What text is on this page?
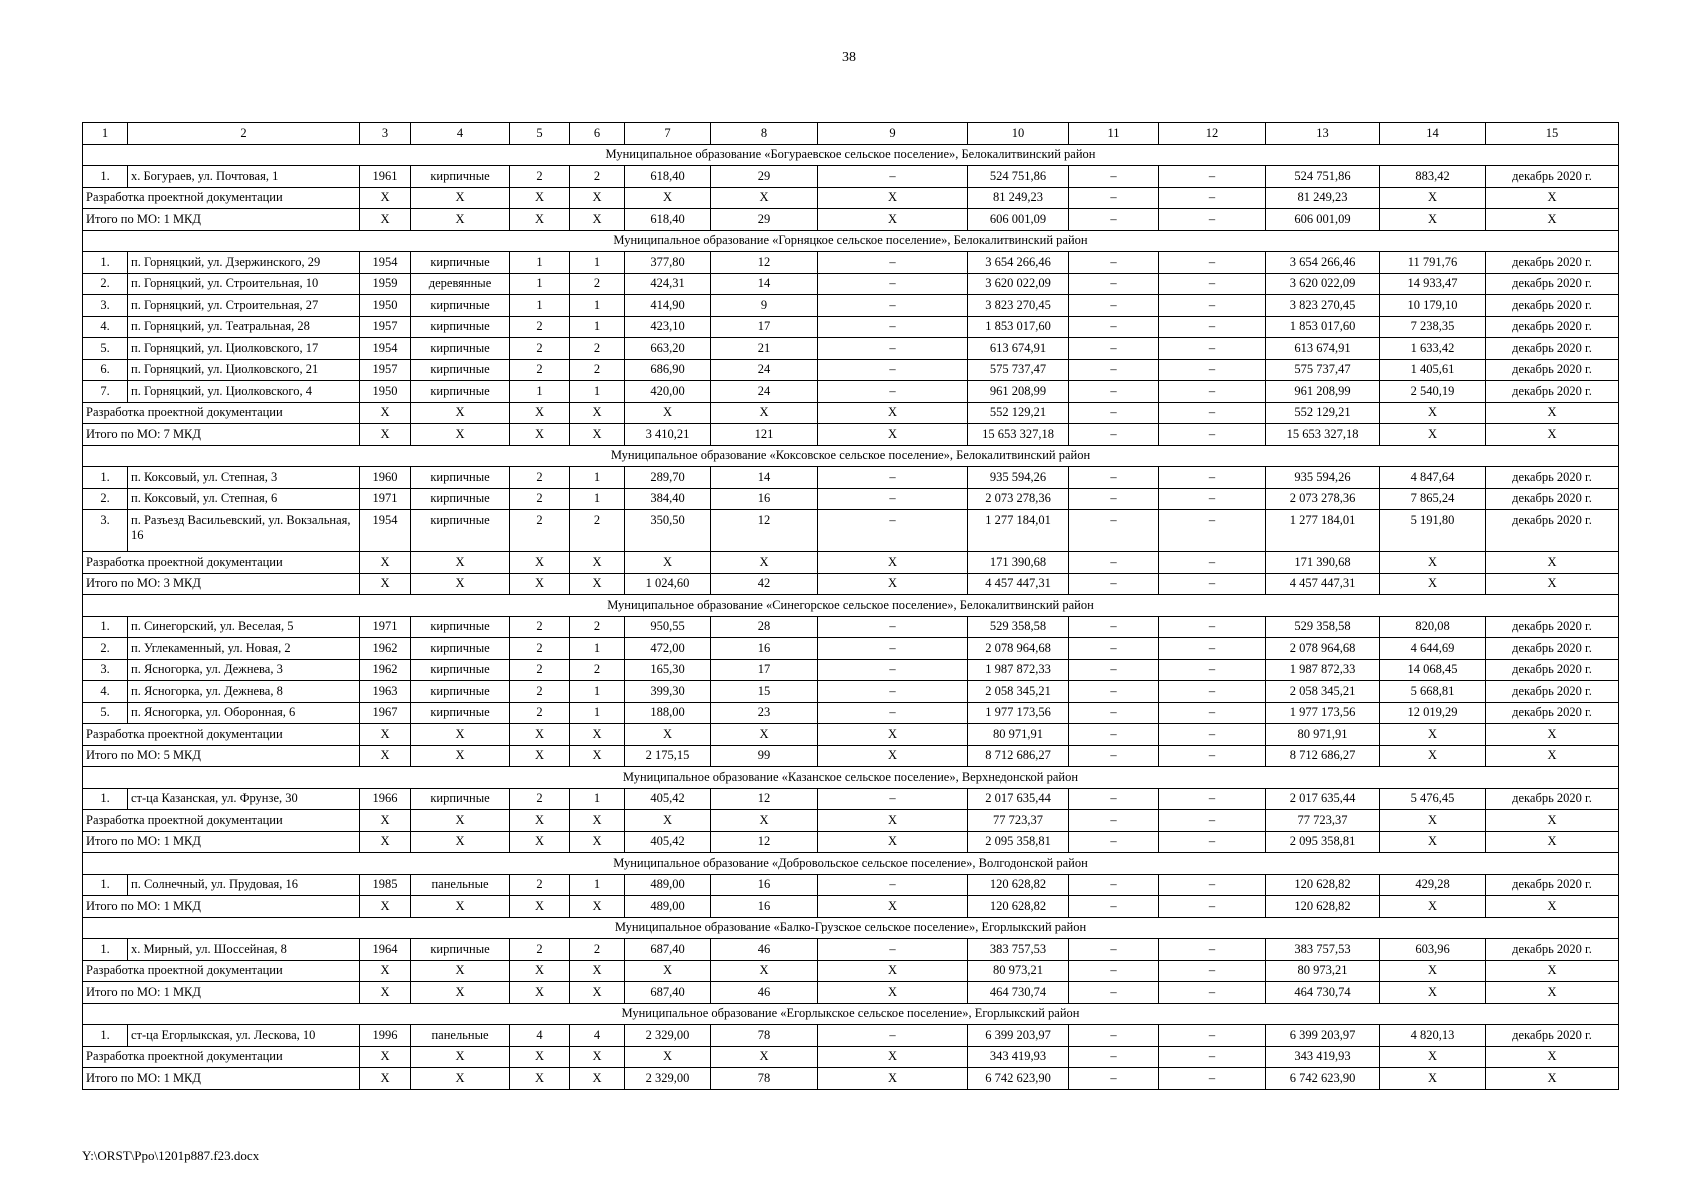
38
1	2	3	4	5	6	7	8	9	10	11	12	13	14	15
Муниципальное образование «Богураевское сельское поселение», Белокалитвинский район														
1.	х. Богураев, ул. Почтовая, 1	1961	кирпичные	2	2	618,40	29	–	524 751,86	–	–	524 751,86	883,42	декабрь 2020 г.
Разработка проектной документации		X	X	X	X	X	X	X	81 249,23	–	–	81 249,23	X	X
Итого по МО: 1 МКД		X	X	X	X	618,40	29	X	606 001,09	–	–	606 001,09	X	X
Муниципальное образование «Горняцкое сельское поселение», Белокалитвинский район														
1.	п. Горняцкий, ул. Дзержинского, 29	1954	кирпичные	1	1	377,80	12	–	3 654 266,46	–	–	3 654 266,46	11 791,76	декабрь 2020 г.
2.	п. Горняцкий, ул. Строительная, 10	1959	деревянные	1	2	424,31	14	–	3 620 022,09	–	–	3 620 022,09	14 933,47	декабрь 2020 г.
3.	п. Горняцкий, ул. Строительная, 27	1950	кирпичные	1	1	414,90	9	–	3 823 270,45	–	–	3 823 270,45	10 179,10	декабрь 2020 г.
4.	п. Горняцкий, ул. Театральная, 28	1957	кирпичные	2	1	423,10	17	–	1 853 017,60	–	–	1 853 017,60	7 238,35	декабрь 2020 г.
5.	п. Горняцкий, ул. Циолковского, 17	1954	кирпичные	2	2	663,20	21	–	613 674,91	–	–	613 674,91	1 633,42	декабрь 2020 г.
6.	п. Горняцкий, ул. Циолковского, 21	1957	кирпичные	2	2	686,90	24	–	575 737,47	–	–	575 737,47	1 405,61	декабрь 2020 г.
7.	п. Горняцкий, ул. Циолковского, 4	1950	кирпичные	1	1	420,00	24	–	961 208,99	–	–	961 208,99	2 540,19	декабрь 2020 г.
Разработка проектной документации		X	X	X	X	X	X	X	552 129,21	–	–	552 129,21	X	X
Итого по МО: 7 МКД		X	X	X	X	3 410,21	121	X	15 653 327,18	–	–	15 653 327,18	X	X
Муниципальное образование «Коксовское сельское поселение», Белокалитвинский район														
1.	п. Коксовый, ул. Степная, 3	1960	кирпичные	2	1	289,70	14	–	935 594,26	–	–	935 594,26	4 847,64	декабрь 2020 г.
2.	п. Коксовый, ул. Степная, 6	1971	кирпичные	2	1	384,40	16	–	2 073 278,36	–	–	2 073 278,36	7 865,24	декабрь 2020 г.
3.	п. Разъезд Васильевский, ул. Вокзальная, 16	1954	кирпичные	2	2	350,50	12	–	1 277 184,01	–	–	1 277 184,01	5 191,80	декабрь 2020 г.
Разработка проектной документации		X	X	X	X	X	X	X	171 390,68	–	–	171 390,68	X	X
Итого по МО: 3 МКД		X	X	X	X	1 024,60	42	X	4 457 447,31	–	–	4 457 447,31	X	X
Муниципальное образование «Синегорское сельское поселение», Белокалитвинский район														
1.	п. Синегорский, ул. Веселая, 5	1971	кирпичные	2	2	950,55	28	–	529 358,58	–	–	529 358,58	820,08	декабрь 2020 г.
2.	п. Углекаменный, ул. Новая, 2	1962	кирпичные	2	1	472,00	16	–	2 078 964,68	–	–	2 078 964,68	4 644,69	декабрь 2020 г.
3.	п. Ясногорка, ул. Дежнева, 3	1962	кирпичные	2	2	165,30	17	–	1 987 872,33	–	–	1 987 872,33	14 068,45	декабрь 2020 г.
4.	п. Ясногорка, ул. Дежнева, 8	1963	кирпичные	2	1	399,30	15	–	2 058 345,21	–	–	2 058 345,21	5 668,81	декабрь 2020 г.
5.	п. Ясногорка, ул. Оборонная, 6	1967	кирпичные	2	1	188,00	23	–	1 977 173,56	–	–	1 977 173,56	12 019,29	декабрь 2020 г.
Разработка проектной документации		X	X	X	X	X	X	X	80 971,91	–	–	80 971,91	X	X
Итого по МО: 5 МКД		X	X	X	X	2 175,15	99	X	8 712 686,27	–	–	8 712 686,27	X	X
Муниципальное образование «Казанское сельское поселение», Верхнедонской район														
1.	ст-ца Казанская, ул. Фрунзе, 30	1966	кирпичные	2	1	405,42	12	–	2 017 635,44	–	–	2 017 635,44	5 476,45	декабрь 2020 г.
Разработка проектной документации		X	X	X	X	X	X	X	77 723,37	–	–	77 723,37	X	X
Итого по МО: 1 МКД		X	X	X	X	405,42	12	X	2 095 358,81	–	–	2 095 358,81	X	X
Муниципальное образование «Добровольское сельское поселение», Волгодонской район														
1.	п. Солнечный, ул. Прудовая, 16	1985	панельные	2	1	489,00	16	–	120 628,82	–	–	120 628,82	429,28	декабрь 2020 г.
Итого по МО: 1 МКД		X	X	X	X	489,00	16	X	120 628,82	–	–	120 628,82	X	X
Муниципальное образование «Балко-Грузское сельское поселение», Егорлыкский район														
1.	х. Мирный, ул. Шоссейная, 8	1964	кирпичные	2	2	687,40	46	–	383 757,53	–	–	383 757,53	603,96	декабрь 2020 г.
Разработка проектной документации		X	X	X	X	X	X	X	80 973,21	–	–	80 973,21	X	X
Итого по МО: 1 МКД		X	X	X	X	687,40	46	X	464 730,74	–	–	464 730,74	X	X
Муниципальное образование «Егорлыкское сельское поселение», Егорлыкский район														
1.	ст-ца Егорлыкская, ул. Лескова, 10	1996	панельные	4	4	2 329,00	78	–	6 399 203,97	–	–	6 399 203,97	4 820,13	декабрь 2020 г.
Разработка проектной документации		X	X	X	X	X	X	X	343 419,93	–	–	343 419,93	X	X
Итого по МО: 1 МКД		X	X	X	X	2 329,00	78	X	6 742 623,90	–	–	6 742 623,90	X	X
Y:\ORST\Ppo\1201p887.f23.docx
